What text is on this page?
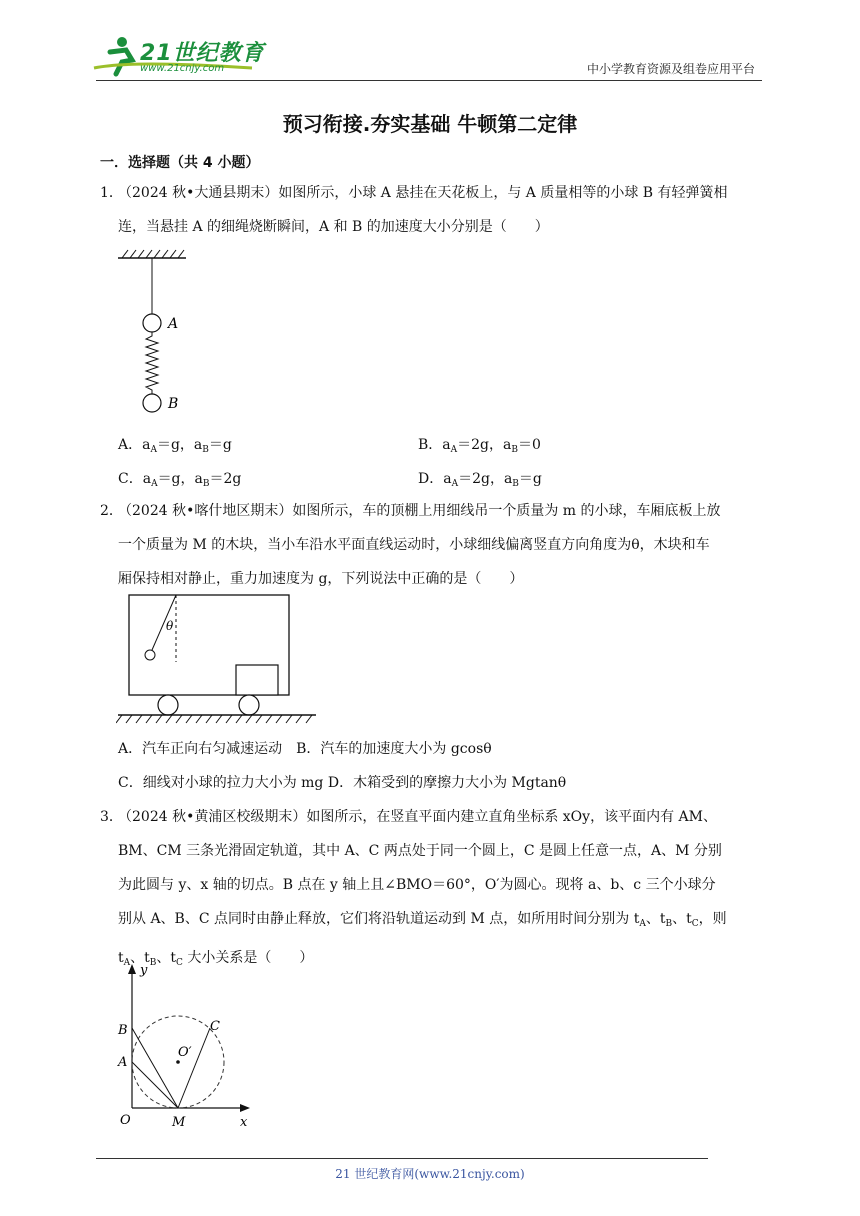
21世纪教育
www.21cnjy.com	中小学教育资源及组卷应用平台
预习衔接.夯实基础 牛顿第二定律
一．选择题（共 4 小题）
1．（2024 秋•大通县期末）如图所示，小球 A 悬挂在天花板上，与 A 质量相等的小球 B 有轻弹簧相
连，当悬挂 A 的细绳烧断瞬间，A 和 B 的加速度大小分别是（　　）
A
B
A．$a_A=g$，$a_B=g$	B．$a_A=2g$，$a_B=0$
C．$a_A=g$，$a_B=2g$	D．$a_A=2g$，$a_B=g$
2．（2024 秋•喀什地区期末）如图所示，车的顶棚上用细线吊一个质量为 m 的小球，车厢底板上放
一个质量为 M 的木块，当小车沿水平面直线运动时，小球细线偏离竖直方向角度为θ，木块和车
厢保持相对静止，重力加速度为 g，下列说法中正确的是（　　）
θ
A．汽车正向右匀减速运动　B．汽车的加速度大小为 gcosθ
C．细线对小球的拉力大小为 mg D．木箱受到的摩擦力大小为 Mgtanθ
3．（2024 秋•黄浦区校级期末）如图所示，在竖直平面内建立直角坐标系 xOy，该平面内有 AM、
BM、CM 三条光滑固定轨道，其中 A、C 两点处于同一个圆上，C 是圆上任意一点，A、M 分别
为此圆与 y、x 轴的切点。B 点在 y 轴上且∠BMO＝60°，O′为圆心。现将 a、b、c 三个小球分
别从 A、B、C 点同时由静止释放，它们将沿轨道运动到 M 点，如所用时间分别为 $t_A$、$t_B$、$t_C$，则
$t_A$、$t_B$、$t_C$ 大小关系是（　　）
y
x
O	M
A
B	C
O′
21 世纪教育网(www.21cnjy.com)
